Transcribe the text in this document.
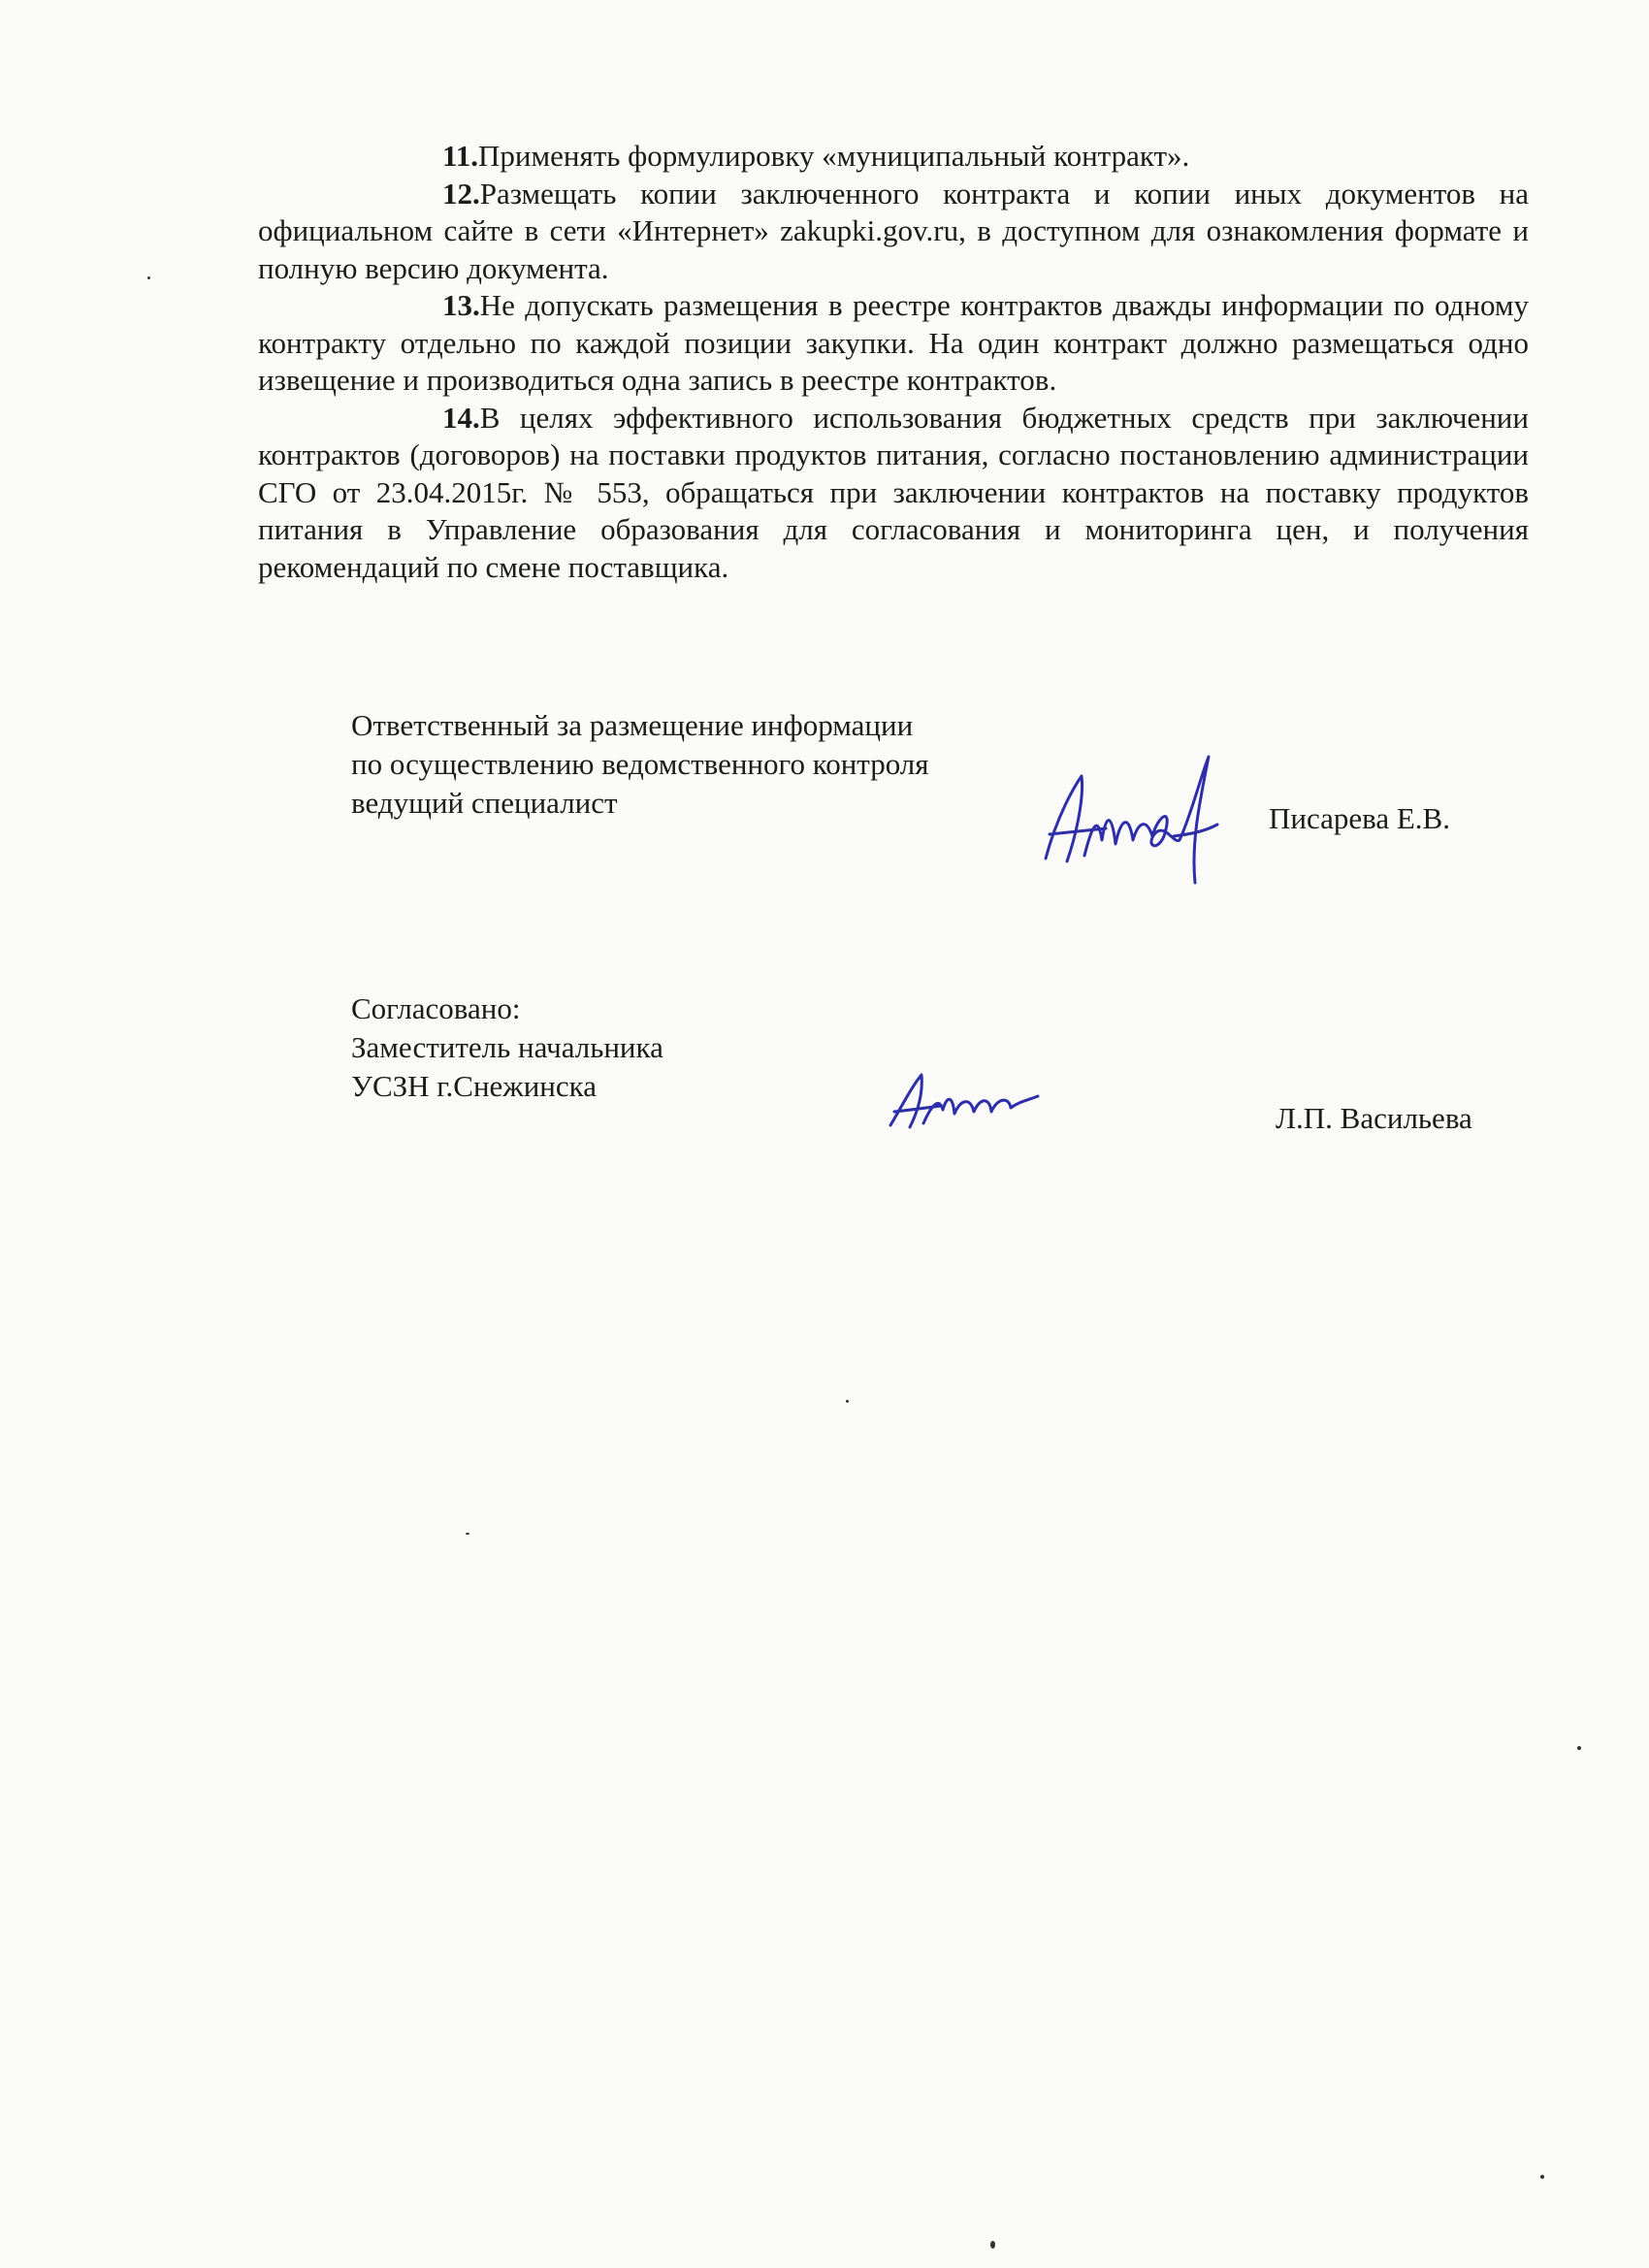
11.Применять формулировку «муниципальный контракт».

12.Размещать копии заключенного контракта и копии иных документов на официальном сайте в сети «Интернет» zakupki.gov.ru, в доступном для ознакомления формате и полную версию документа.

13.Не допускать размещения в реестре контрактов дважды информации по одному контракту отдельно по каждой позиции закупки. На один контракт должно размещаться одно извещение и производиться одна запись в реестре контрактов.

14.В целях эффективного использования бюджетных средств при заключении контрактов (договоров) на поставки продуктов питания, согласно постановлению администрации СГО от 23.04.2015г. № 553, обращаться при заключении контрактов на поставку продуктов питания в Управление образования для согласования и мониторинга цен, и получения рекомендаций по смене поставщика.

Ответственный за размещение информации
по осуществлению ведомственного контроля
ведущий специалист	Писарева Е.В.
Согласовано:
Заместитель начальника
УСЗН г.Снежинска
Л.П. Васильева
